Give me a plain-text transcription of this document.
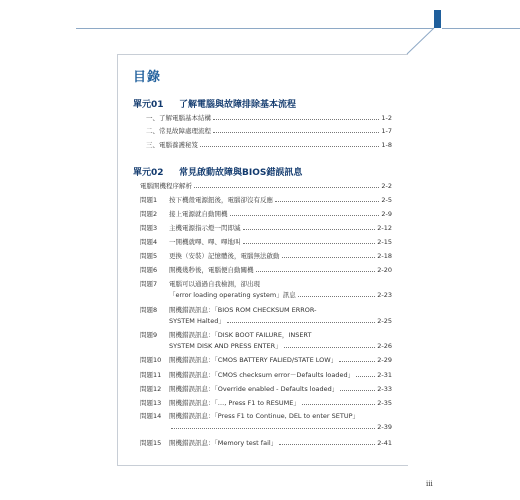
目錄
單元01 了解電腦與故障排除基本流程
一、了解電腦基本結構	1-2
二、常見故障處理流程	1-7
三、電腦養護秘笈	1-8
單元02 常見啟動故障與BIOS錯誤訊息
電腦開機程序解析	2-2
問題1	按下機殼電源鈕後，電腦卻沒有反應	2-5
問題2	接上電源就自動開機	2-9
問題3	主機電源指示燈一閃即滅	2-12
問題4	一開機就嗶、嗶、嗶地叫	2-15
問題5	更換（安裝）記憶體後，電腦無法啟動	2-18
問題6	開機幾秒後，電腦便自動關機	2-20
問題7	電腦可以通過自我檢測，卻出現
「error loading operating system」訊息	2-23
問題8	開機錯誤訊息：「BIOS ROM CHECKSUM ERROR-
SYSTEM Halted」	2-25
問題9	開機錯誤訊息：「DISK BOOT FAILURE，INSERT
SYSTEM DISK AND PRESS ENTER」	2-26
問題10	開機錯誤訊息：「CMOS BATTERY FALIED/STATE LOW」	2-29
問題11	開機錯誤訊息：「CMOS checksum error－Defaults loaded」	2-31
問題12	開機錯誤訊息：「Override enabled - Defaults loaded」	2-33
問題13	開機錯誤訊息：「…, Press F1 to RESUME」	2-35
問題14	開機錯誤訊息：「Press F1 to Continue, DEL to enter SETUP」
2-39
問題15	開機錯誤訊息：「Memory test fail」	2-41
iii
